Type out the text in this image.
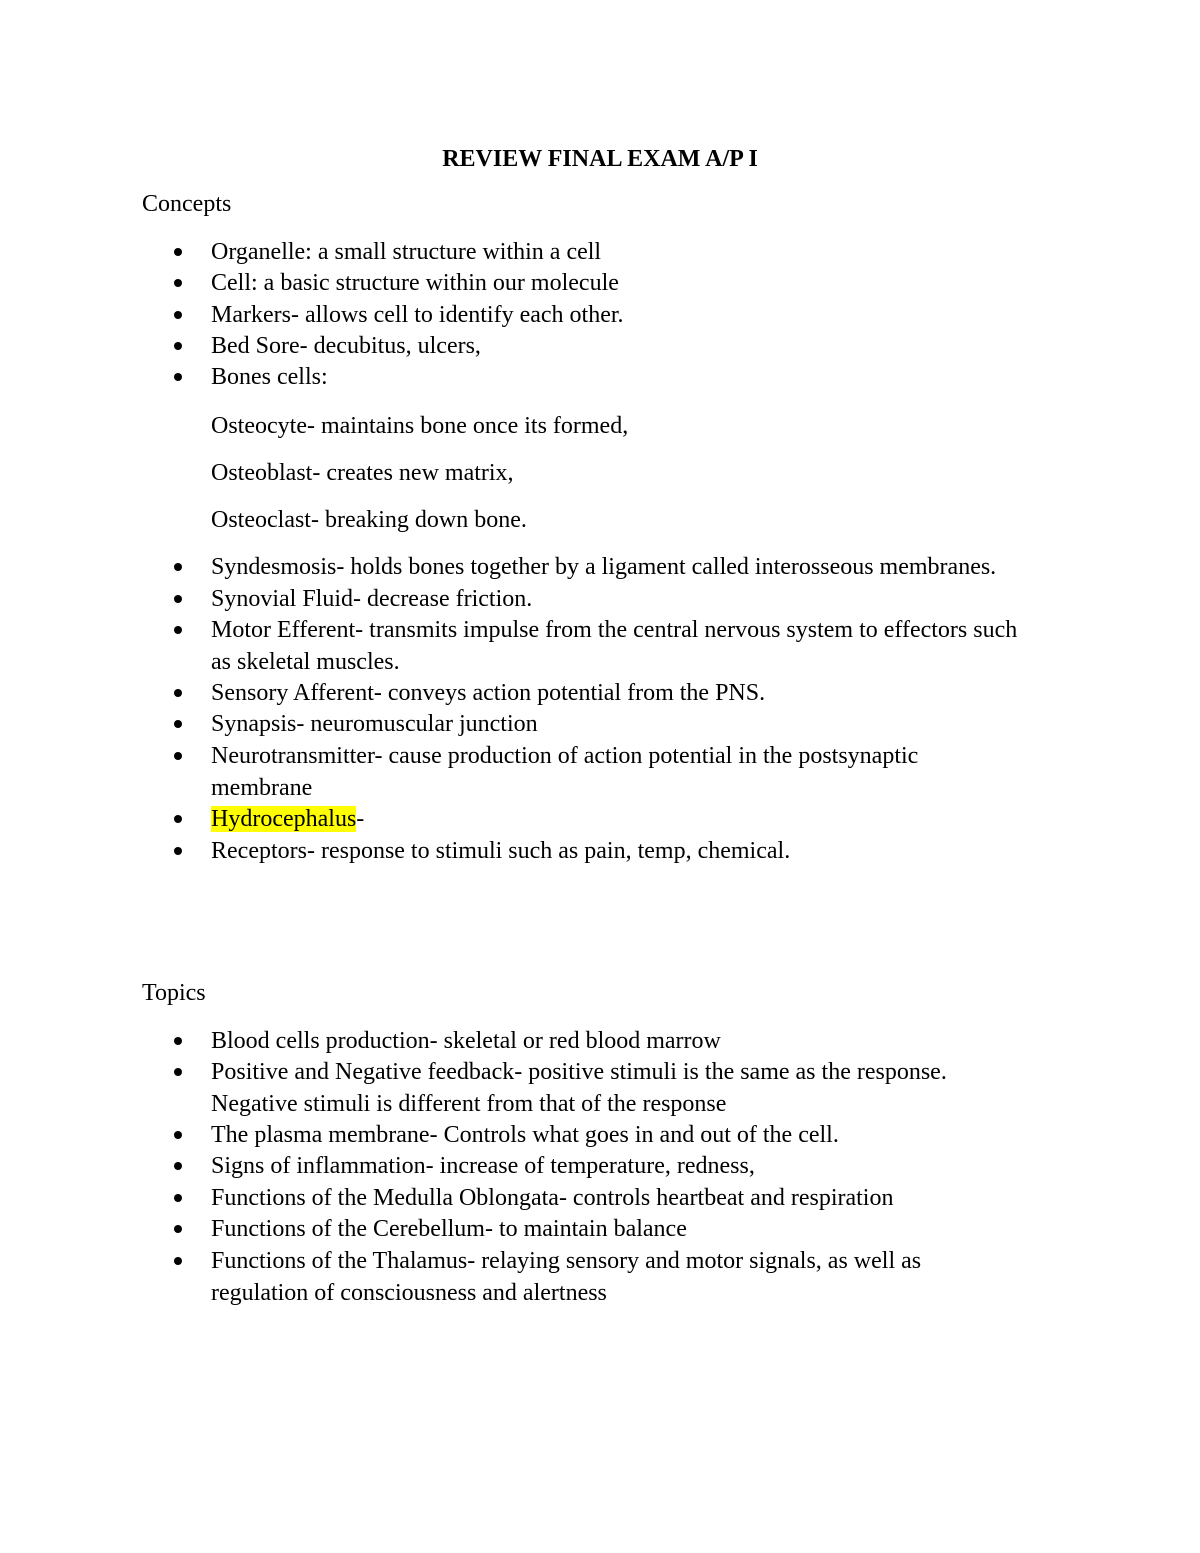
REVIEW FINAL EXAM A/P I
Concepts
Organelle: a small structure within a cell
Cell: a basic structure within our molecule
Markers- allows cell to identify each other.
Bed Sore- decubitus, ulcers,
Bones cells:
Osteocyte- maintains bone once its formed,
Osteoblast- creates new matrix,
Osteoclast- breaking down bone.
Syndesmosis- holds bones together by a ligament called interosseous membranes.
Synovial Fluid- decrease friction.
Motor Efferent- transmits impulse from the central nervous system to effectors such as skeletal muscles.
Sensory Afferent- conveys action potential from the PNS.
Synapsis- neuromuscular junction
Neurotransmitter- cause production of action potential in the postsynaptic membrane
Hydrocephalus-
Receptors- response to stimuli such as pain, temp, chemical.
Topics
Blood cells production- skeletal or red blood marrow
Positive and Negative feedback- positive stimuli is the same as the response. Negative stimuli is different from that of the response
The plasma membrane- Controls what goes in and out of the cell.
Signs of inflammation- increase of temperature, redness,
Functions of the Medulla Oblongata- controls heartbeat and respiration
Functions of the Cerebellum- to maintain balance
Functions of the Thalamus- relaying sensory and motor signals, as well as regulation of consciousness and alertness
